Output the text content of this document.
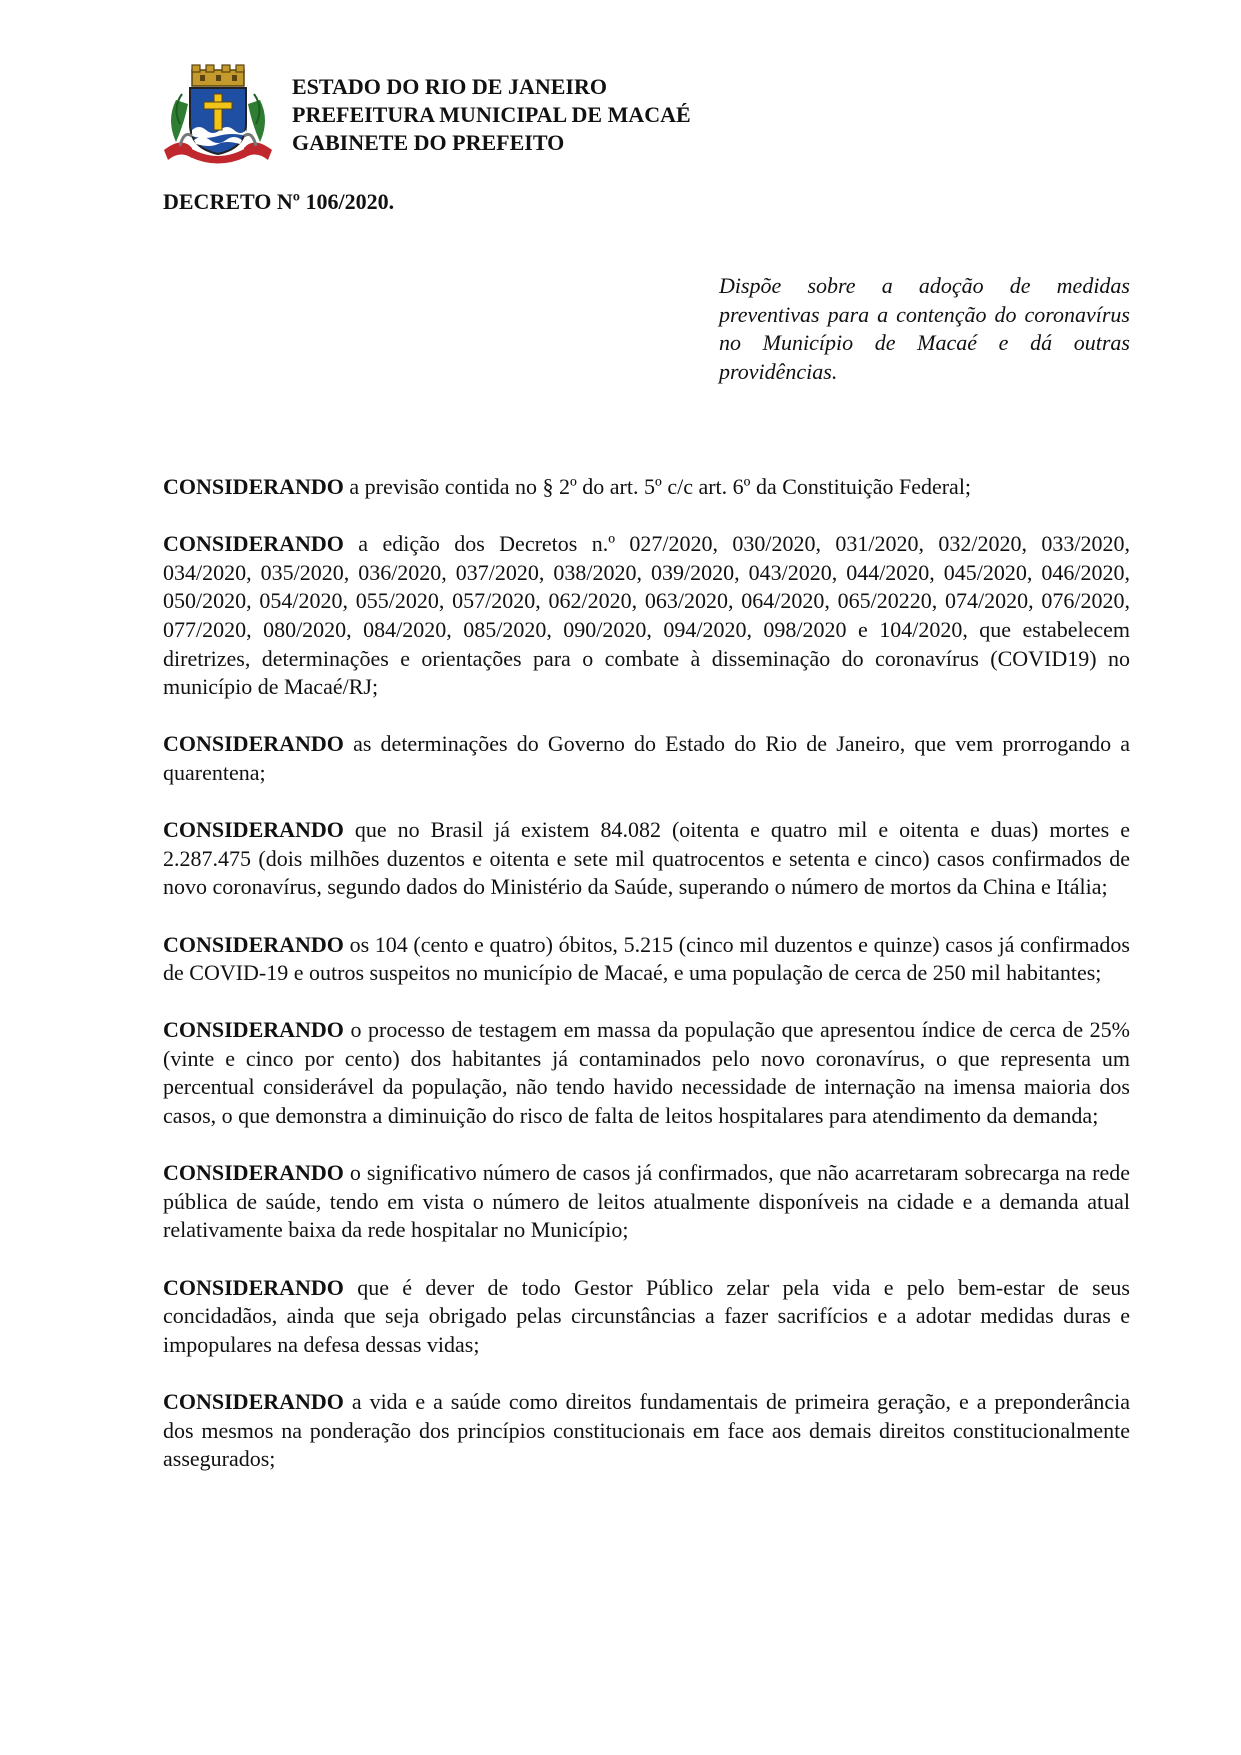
ESTADO DO RIO DE JANEIRO
PREFEITURA MUNICIPAL DE MACAÉ
GABINETE DO PREFEITO
DECRETO Nº 106/2020.
Dispõe sobre a adoção de medidas preventivas para a contenção do coronavírus no Município de Macaé e dá outras providências.

CONSIDERANDO a previsão contida no § 2º do art. 5º c/c art. 6º da Constituição Federal;

CONSIDERANDO a edição dos Decretos n.º 027/2020, 030/2020, 031/2020, 032/2020, 033/2020, 034/2020, 035/2020, 036/2020, 037/2020, 038/2020, 039/2020, 043/2020, 044/2020, 045/2020, 046/2020, 050/2020, 054/2020, 055/2020, 057/2020, 062/2020, 063/2020, 064/2020, 065/20220, 074/2020, 076/2020, 077/2020, 080/2020, 084/2020, 085/2020, 090/2020, 094/2020, 098/2020 e 104/2020, que estabelecem diretrizes, determinações e orientações para o combate à disseminação do coronavírus (COVID19) no município de Macaé/RJ;

CONSIDERANDO as determinações do Governo do Estado do Rio de Janeiro, que vem prorrogando a quarentena;

CONSIDERANDO que no Brasil já existem 84.082 (oitenta e quatro mil e oitenta e duas) mortes e 2.287.475 (dois milhões duzentos e oitenta e sete mil quatrocentos e setenta e cinco) casos confirmados de novo coronavírus, segundo dados do Ministério da Saúde, superando o número de mortos da China e Itália;

CONSIDERANDO os 104 (cento e quatro) óbitos, 5.215 (cinco mil duzentos e quinze) casos já confirmados de COVID-19 e outros suspeitos no município de Macaé, e uma população de cerca de 250 mil habitantes;

CONSIDERANDO o processo de testagem em massa da população que apresentou índice de cerca de 25% (vinte e cinco por cento) dos habitantes já contaminados pelo novo coronavírus, o que representa um percentual considerável da população, não tendo havido necessidade de internação na imensa maioria dos casos, o que demonstra a diminuição do risco de falta de leitos hospitalares para atendimento da demanda;

CONSIDERANDO o significativo número de casos já confirmados, que não acarretaram sobrecarga na rede pública de saúde, tendo em vista o número de leitos atualmente disponíveis na cidade e a demanda atual relativamente baixa da rede hospitalar no Município;

CONSIDERANDO que é dever de todo Gestor Público zelar pela vida e pelo bem-estar de seus concidadãos, ainda que seja obrigado pelas circunstâncias a fazer sacrifícios e a adotar medidas duras e impopulares na defesa dessas vidas;

CONSIDERANDO a vida e a saúde como direitos fundamentais de primeira geração, e a preponderância dos mesmos na ponderação dos princípios constitucionais em face aos demais direitos constitucionalmente assegurados;
